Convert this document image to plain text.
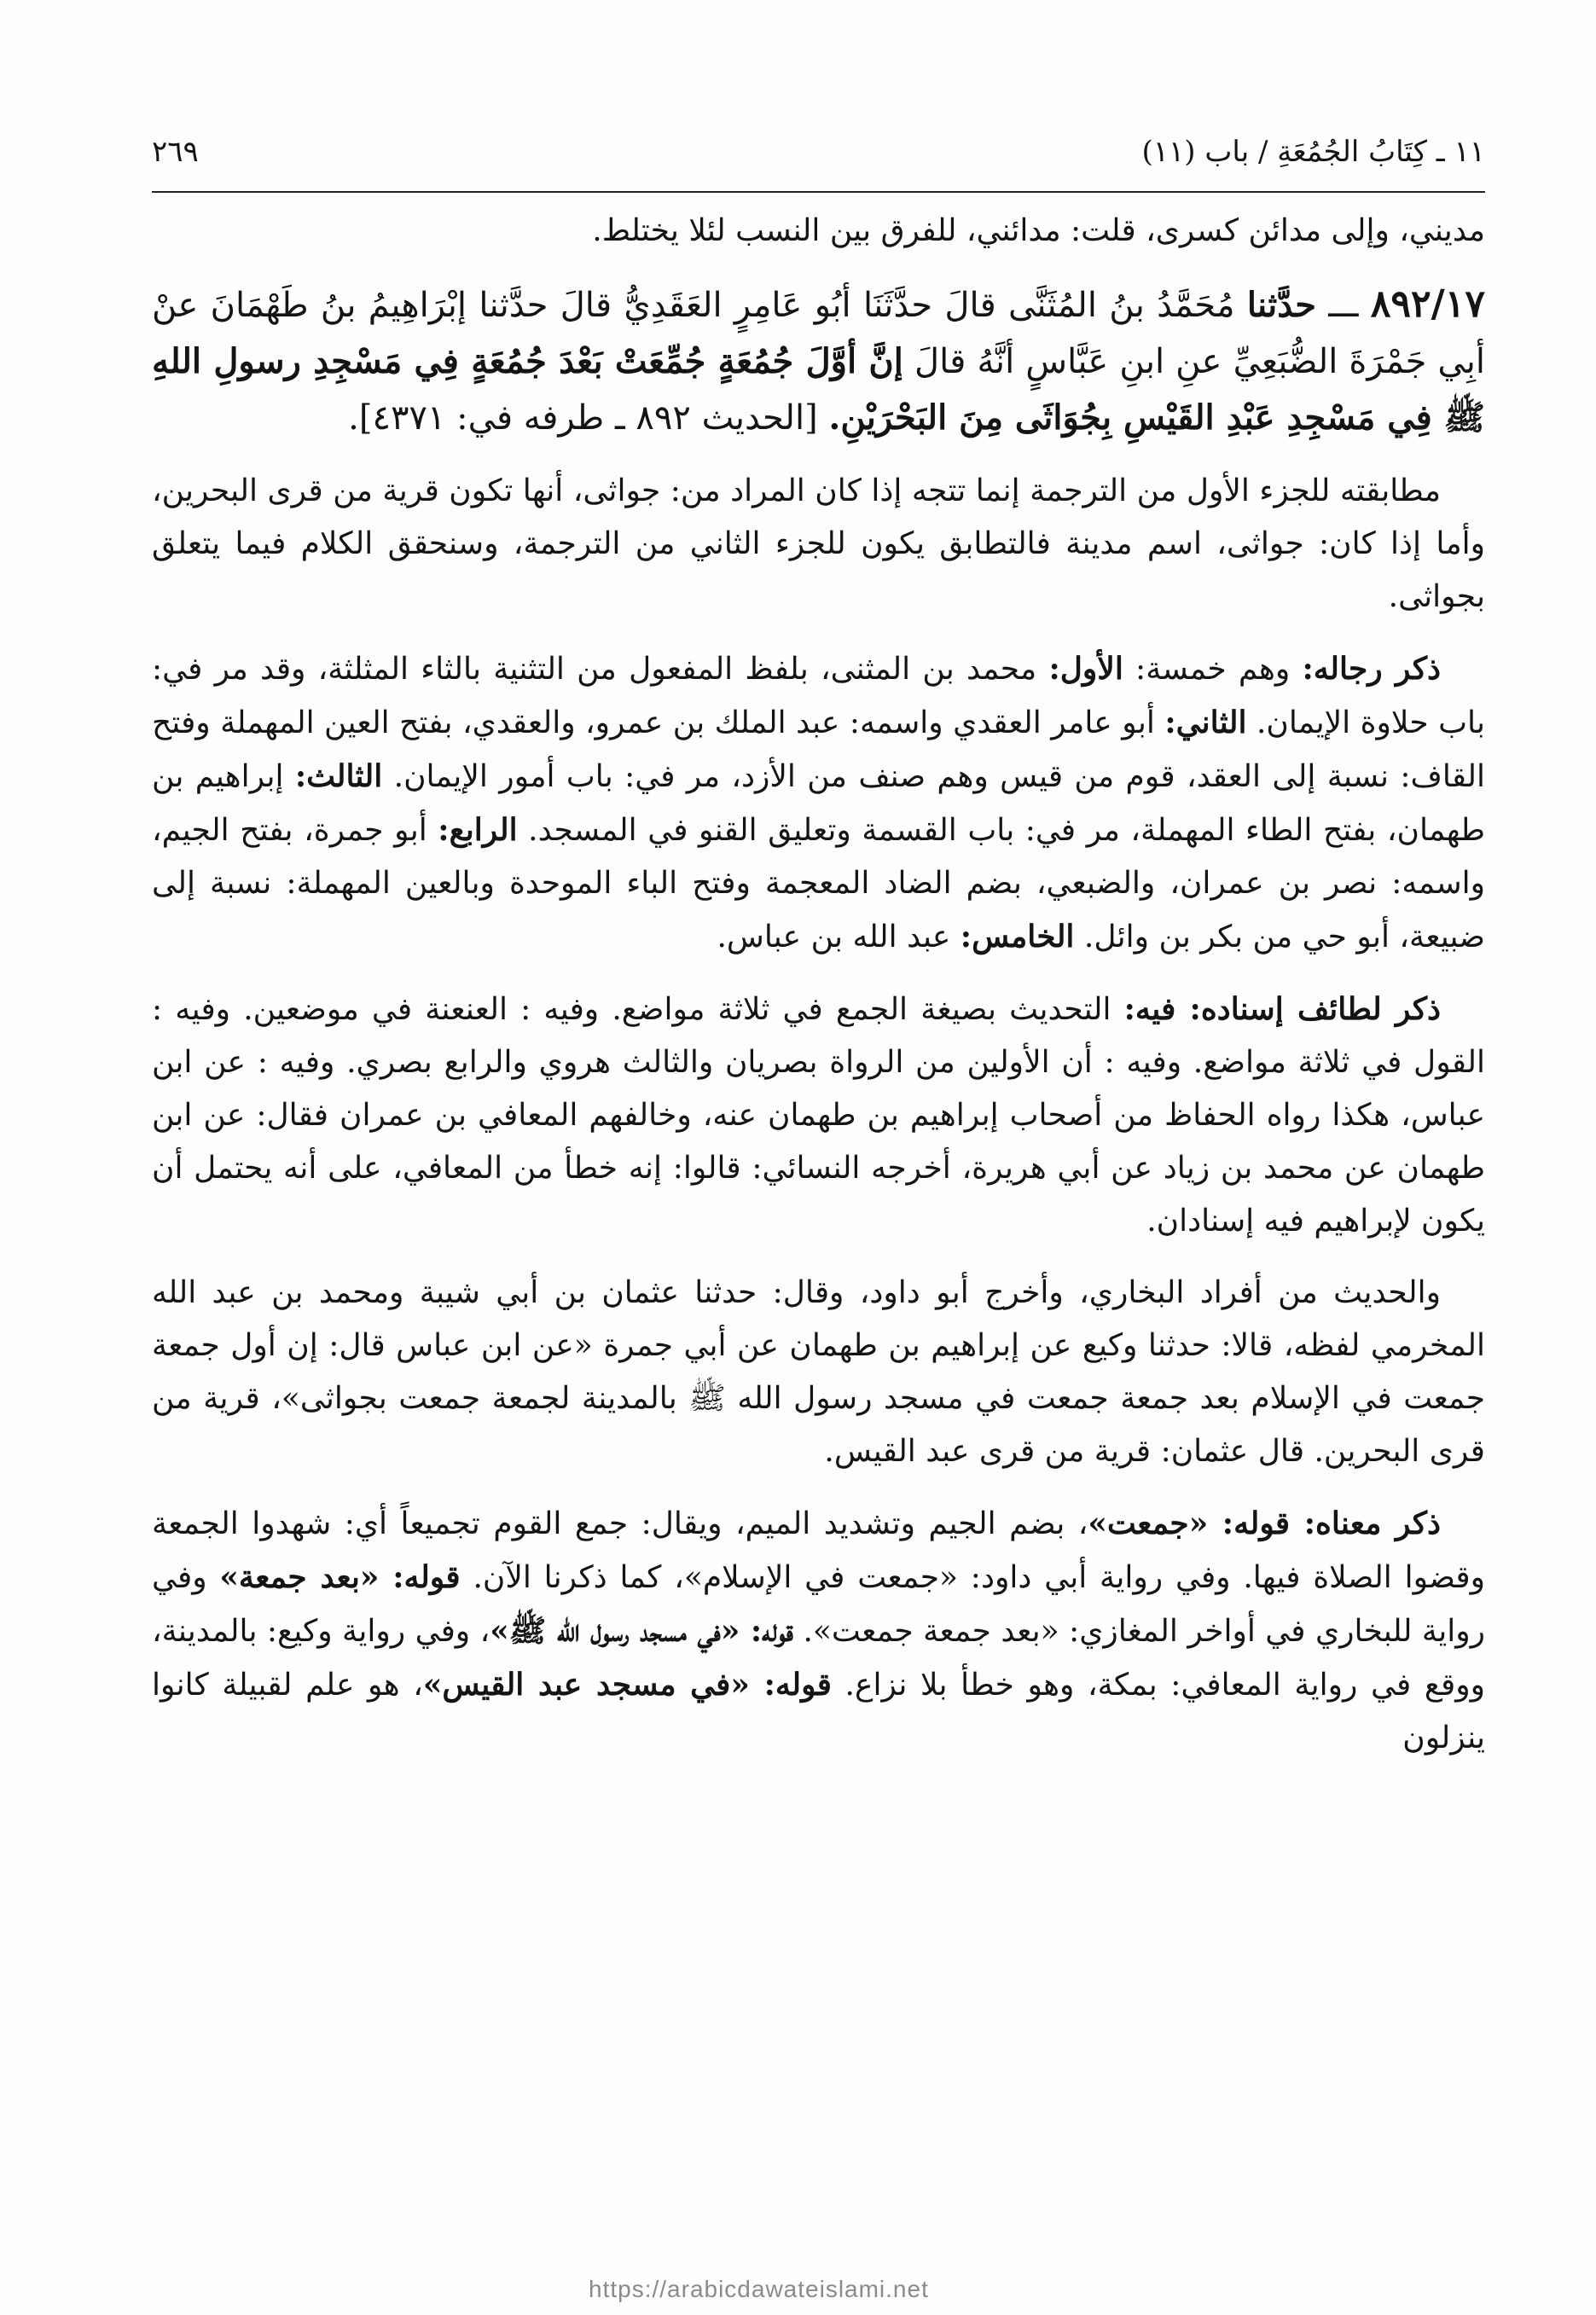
١١ ـ كِتَابُ الجُمُعَةِ / باب (١١)
٢٦٩

مديني، وإلى مدائن كسرى، قلت: مدائني، للفرق بين النسب لئلا يختلط.

٨٩٢/١٧ ـــ حدَّثنا مُحَمَّدُ بنُ المُثَنَّى قالَ حدَّثَنَا أبُو عَامِرٍ العَقَدِيُّ قالَ حدَّثنا إبْرَاهِيمُ بنُ طَهْمَانَ عنْ أبِي جَمْرَةَ الضُّبَعِيِّ عنِ ابنِ عَبَّاسٍ أنَّهُ قالَ إنَّ أوَّلَ جُمُعَةٍ جُمِّعَتْ بَعْدَ جُمُعَةٍ فِي مَسْجِدِ رسولِ اللهِ ﷺ فِي مَسْجِدِ عَبْدِ القَيْسِ بِجُوَاثَى مِنَ البَحْرَيْنِ. [الحديث ٨٩٢ ـ طرفه في: ٤٣٧١].

مطابقته للجزء الأول من الترجمة إنما تتجه إذا كان المراد من: جواثى، أنها تكون قرية من قرى البحرين، وأما إذا كان: جواثى، اسم مدينة فالتطابق يكون للجزء الثاني من الترجمة، وسنحقق الكلام فيما يتعلق بجواثى.

ذكر رجاله: وهم خمسة: الأول: محمد بن المثنى، بلفظ المفعول من التثنية بالثاء المثلثة، وقد مر في: باب حلاوة الإيمان. الثاني: أبو عامر العقدي واسمه: عبد الملك بن عمرو، والعقدي، بفتح العين المهملة وفتح القاف: نسبة إلى العقد، قوم من قيس وهم صنف من الأزد، مر في: باب أمور الإيمان. الثالث: إبراهيم بن طهمان، بفتح الطاء المهملة، مر في: باب القسمة وتعليق القنو في المسجد. الرابع: أبو جمرة، بفتح الجيم، واسمه: نصر بن عمران، والضبعي، بضم الضاد المعجمة وفتح الباء الموحدة وبالعين المهملة: نسبة إلى ضبيعة، أبو حي من بكر بن وائل. الخامس: عبد الله بن عباس.

ذكر لطائف إسناده: فيه: التحديث بصيغة الجمع في ثلاثة مواضع. وفيه : العنعنة في موضعين. وفيه : القول في ثلاثة مواضع. وفيه : أن الأولين من الرواة بصريان والثالث هروي والرابع بصري. وفيه : عن ابن عباس، هكذا رواه الحفاظ من أصحاب إبراهيم بن طهمان عنه، وخالفهم المعافي بن عمران فقال: عن ابن طهمان عن محمد بن زياد عن أبي هريرة، أخرجه النسائي: قالوا: إنه خطأ من المعافي، على أنه يحتمل أن يكون لإبراهيم فيه إسنادان.

والحديث من أفراد البخاري، وأخرج أبو داود، وقال: حدثنا عثمان بن أبي شيبة ومحمد بن عبد الله المخرمي لفظه، قالا: حدثنا وكيع عن إبراهيم بن طهمان عن أبي جمرة «عن ابن عباس قال: إن أول جمعة جمعت في الإسلام بعد جمعة جمعت في مسجد رسول الله ﷺ بالمدينة لجمعة جمعت بجواثى»، قرية من قرى البحرين. قال عثمان: قرية من قرى عبد القيس.

ذكر معناه: قوله: «جمعت»، بضم الجيم وتشديد الميم، ويقال: جمع القوم تجميعاً أي: شهدوا الجمعة وقضوا الصلاة فيها. وفي رواية أبي داود: «جمعت في الإسلام»، كما ذكرنا الآن. قوله: «بعد جمعة» وفي رواية للبخاري في أواخر المغازي: «بعد جمعة جمعت». قوله: «في مسجد رسول الله ﷺ»، وفي رواية وكيع: بالمدينة، ووقع في رواية المعافي: بمكة، وهو خطأ بلا نزاع. قوله: «في مسجد عبد القيس»، هو علم لقبيلة كانوا ينزلون

https://arabicdawateislami.net
